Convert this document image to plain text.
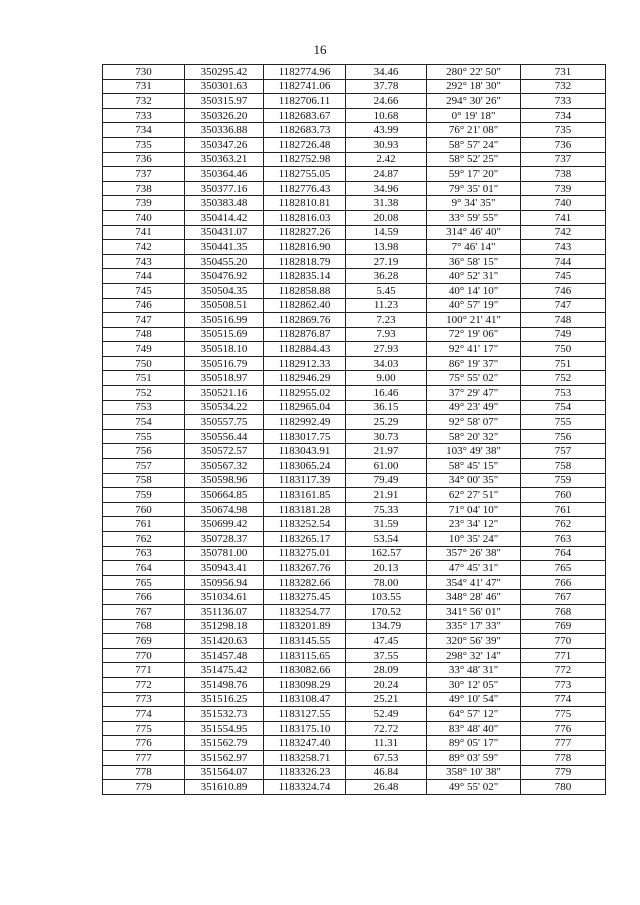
16
730	350295.42	1182774.96	34.46	280° 22' 50"	731
731	350301.63	1182741.06	37.78	292° 18' 30"	732
732	350315.97	1182706.11	24.66	294° 30' 26"	733
733	350326.20	1182683.67	10.68	0° 19' 18"	734
734	350336.88	1182683.73	43.99	76° 21' 08"	735
735	350347.26	1182726.48	30.93	58° 57' 24"	736
736	350363.21	1182752.98	2.42	58° 52' 25"	737
737	350364.46	1182755.05	24.87	59° 17' 20"	738
738	350377.16	1182776.43	34.96	79° 35' 01"	739
739	350383.48	1182810.81	31.38	9° 34' 35"	740
740	350414.42	1182816.03	20.08	33° 59' 55"	741
741	350431.07	1182827.26	14.59	314° 46' 40"	742
742	350441.35	1182816.90	13.98	7° 46' 14"	743
743	350455.20	1182818.79	27.19	36° 58' 15"	744
744	350476.92	1182835.14	36.28	40° 52' 31"	745
745	350504.35	1182858.88	5.45	40° 14' 10"	746
746	350508.51	1182862.40	11.23	40° 57' 19"	747
747	350516.99	1182869.76	7.23	100° 21' 41"	748
748	350515.69	1182876.87	7.93	72° 19' 06"	749
749	350518.10	1182884.43	27.93	92° 41' 17"	750
750	350516.79	1182912.33	34.03	86° 19' 37"	751
751	350518.97	1182946.29	9.00	75° 55' 02"	752
752	350521.16	1182955.02	16.46	37° 29' 47"	753
753	350534.22	1182965.04	36.15	49° 23' 49"	754
754	350557.75	1182992.49	25.29	92° 58' 07"	755
755	350556.44	1183017.75	30.73	58° 20' 32"	756
756	350572.57	1183043.91	21.97	103° 49' 38"	757
757	350567.32	1183065.24	61.00	58° 45' 15"	758
758	350598.96	1183117.39	79.49	34° 00' 35"	759
759	350664.85	1183161.85	21.91	62° 27' 51"	760
760	350674.98	1183181.28	75.33	71° 04' 10"	761
761	350699.42	1183252.54	31.59	23° 34' 12"	762
762	350728.37	1183265.17	53.54	10° 35' 24"	763
763	350781.00	1183275.01	162.57	357° 26' 38"	764
764	350943.41	1183267.76	20.13	47° 45' 31"	765
765	350956.94	1183282.66	78.00	354° 41' 47"	766
766	351034.61	1183275.45	103.55	348° 28' 46"	767
767	351136.07	1183254.77	170.52	341° 56' 01"	768
768	351298.18	1183201.89	134.79	335° 17' 33"	769
769	351420.63	1183145.55	47.45	320° 56' 39"	770
770	351457.48	1183115.65	37.55	298° 32' 14"	771
771	351475.42	1183082.66	28.09	33° 48' 31"	772
772	351498.76	1183098.29	20.24	30° 12' 05"	773
773	351516.25	1183108.47	25.21	49° 10' 54"	774
774	351532.73	1183127.55	52.49	64° 57' 12"	775
775	351554.95	1183175.10	72.72	83° 48' 40"	776
776	351562.79	1183247.40	11.31	89° 05' 17"	777
777	351562.97	1183258.71	67.53	89° 03' 59"	778
778	351564.07	1183326.23	46.84	358° 10' 38"	779
779	351610.89	1183324.74	26.48	49° 55' 02"	780
